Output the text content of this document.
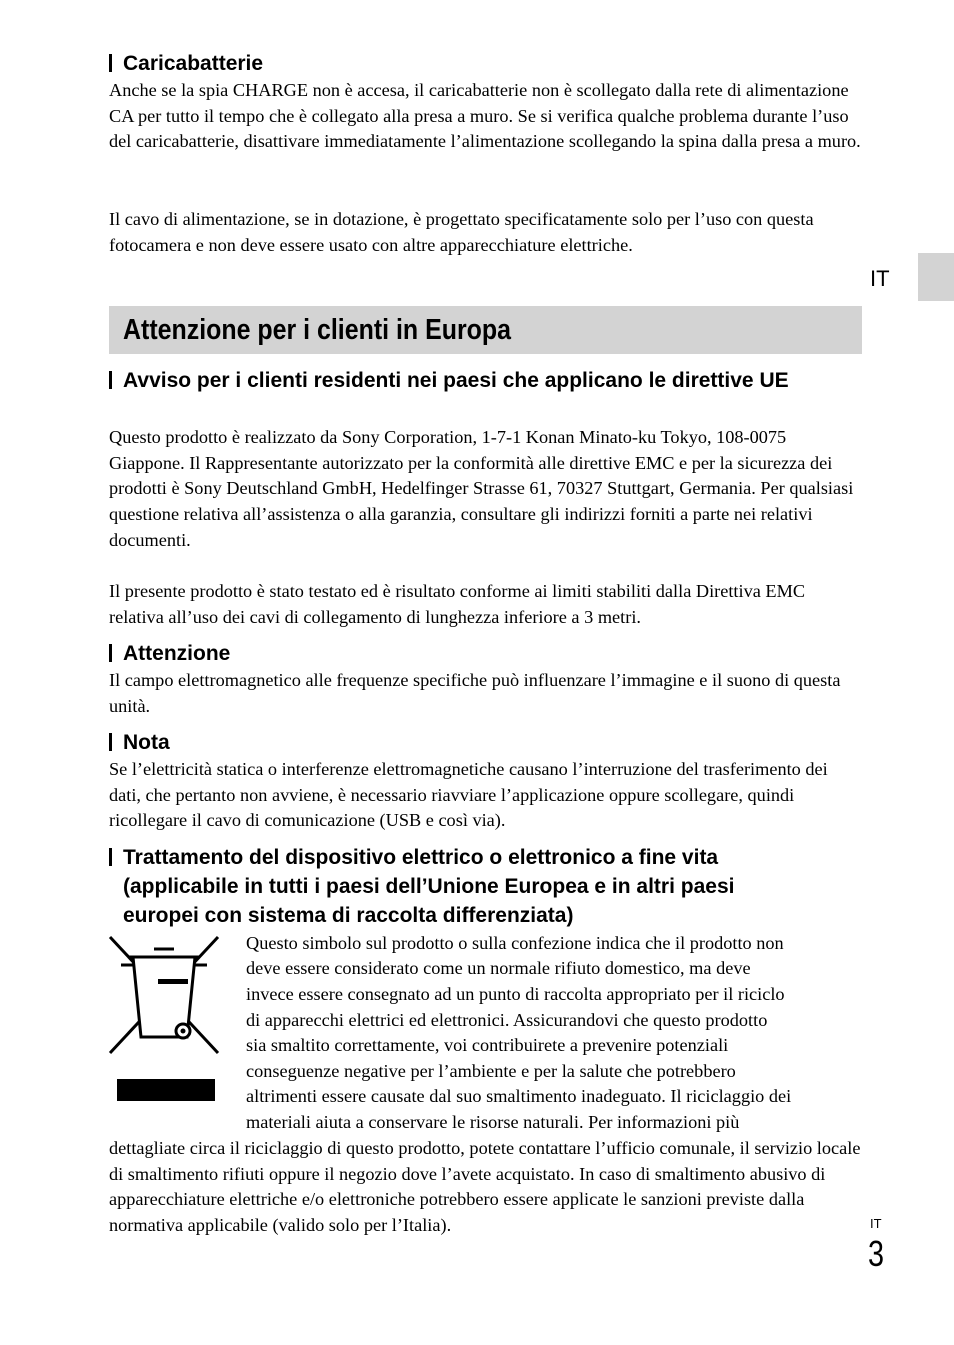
Caricabatterie

Anche se la spia CHARGE non è accesa, il caricabatterie non è scollegato dalla rete di alimentazione CA per tutto il tempo che è collegato alla presa a muro. Se si verifica qualche problema durante l’uso del caricabatterie, disattivare immediatamente l’alimentazione scollegando la spina dalla presa a muro.

Il cavo di alimentazione, se in dotazione, è progettato specificatamente solo per l’uso con questa fotocamera e non deve essere usato con altre apparecchiature elettriche.

IT
Attenzione per i clienti in Europa
Avviso per i clienti residenti nei paesi che applicano le direttive UE

Questo prodotto è realizzato da Sony Corporation, 1-7-1 Konan Minato-ku Tokyo, 108-0075 Giappone. Il Rappresentante autorizzato per la conformità alle direttive EMC e per la sicurezza dei prodotti è Sony Deutschland GmbH, Hedelfinger Strasse 61, 70327 Stuttgart, Germania. Per qualsiasi questione relativa all’assistenza o alla garanzia, consultare gli indirizzi forniti a parte nei relativi documenti.

Il presente prodotto è stato testato ed è risultato conforme ai limiti stabiliti dalla Direttiva EMC relativa all’uso dei cavi di collegamento di lunghezza inferiore a 3 metri.

Attenzione

Il campo elettromagnetico alle frequenze specifiche può influenzare l’immagine e il suono di questa unità.

Nota

Se l’elettricità statica o interferenze elettromagnetiche causano l’interruzione del trasferimento dei dati, che pertanto non avviene, è necessario riavviare l’applicazione oppure scollegare, quindi ricollegare il cavo di comunicazione (USB e così via).

Trattamento del dispositivo elettrico o elettronico a fine vita
(applicabile in tutti i paesi dell’Unione Europea e in altri paesi
europei con sistema di raccolta differenziata)
Questo simbolo sul prodotto o sulla confezione indica che il prodotto non
deve essere considerato come un normale rifiuto domestico, ma deve
invece essere consegnato ad un punto di raccolta appropriato per il riciclo
di apparecchi elettrici ed elettronici. Assicurandovi che questo prodotto
sia smaltito correttamente, voi contribuirete a prevenire potenziali
conseguenze negative per l’ambiente e per la salute che potrebbero
altrimenti essere causate dal suo smaltimento inadeguato. Il riciclaggio dei
materiali aiuta a conservare le risorse naturali. Per informazioni più

dettagliate circa il riciclaggio di questo prodotto, potete contattare l’ufficio comunale, il servizio locale di smaltimento rifiuti oppure il negozio dove l’avete acquistato. In caso di smaltimento abusivo di apparecchiature elettriche e/o elettroniche potrebbero essere applicate le sanzioni previste dalla normativa applicabile (valido solo per l’Italia).	IT
3
